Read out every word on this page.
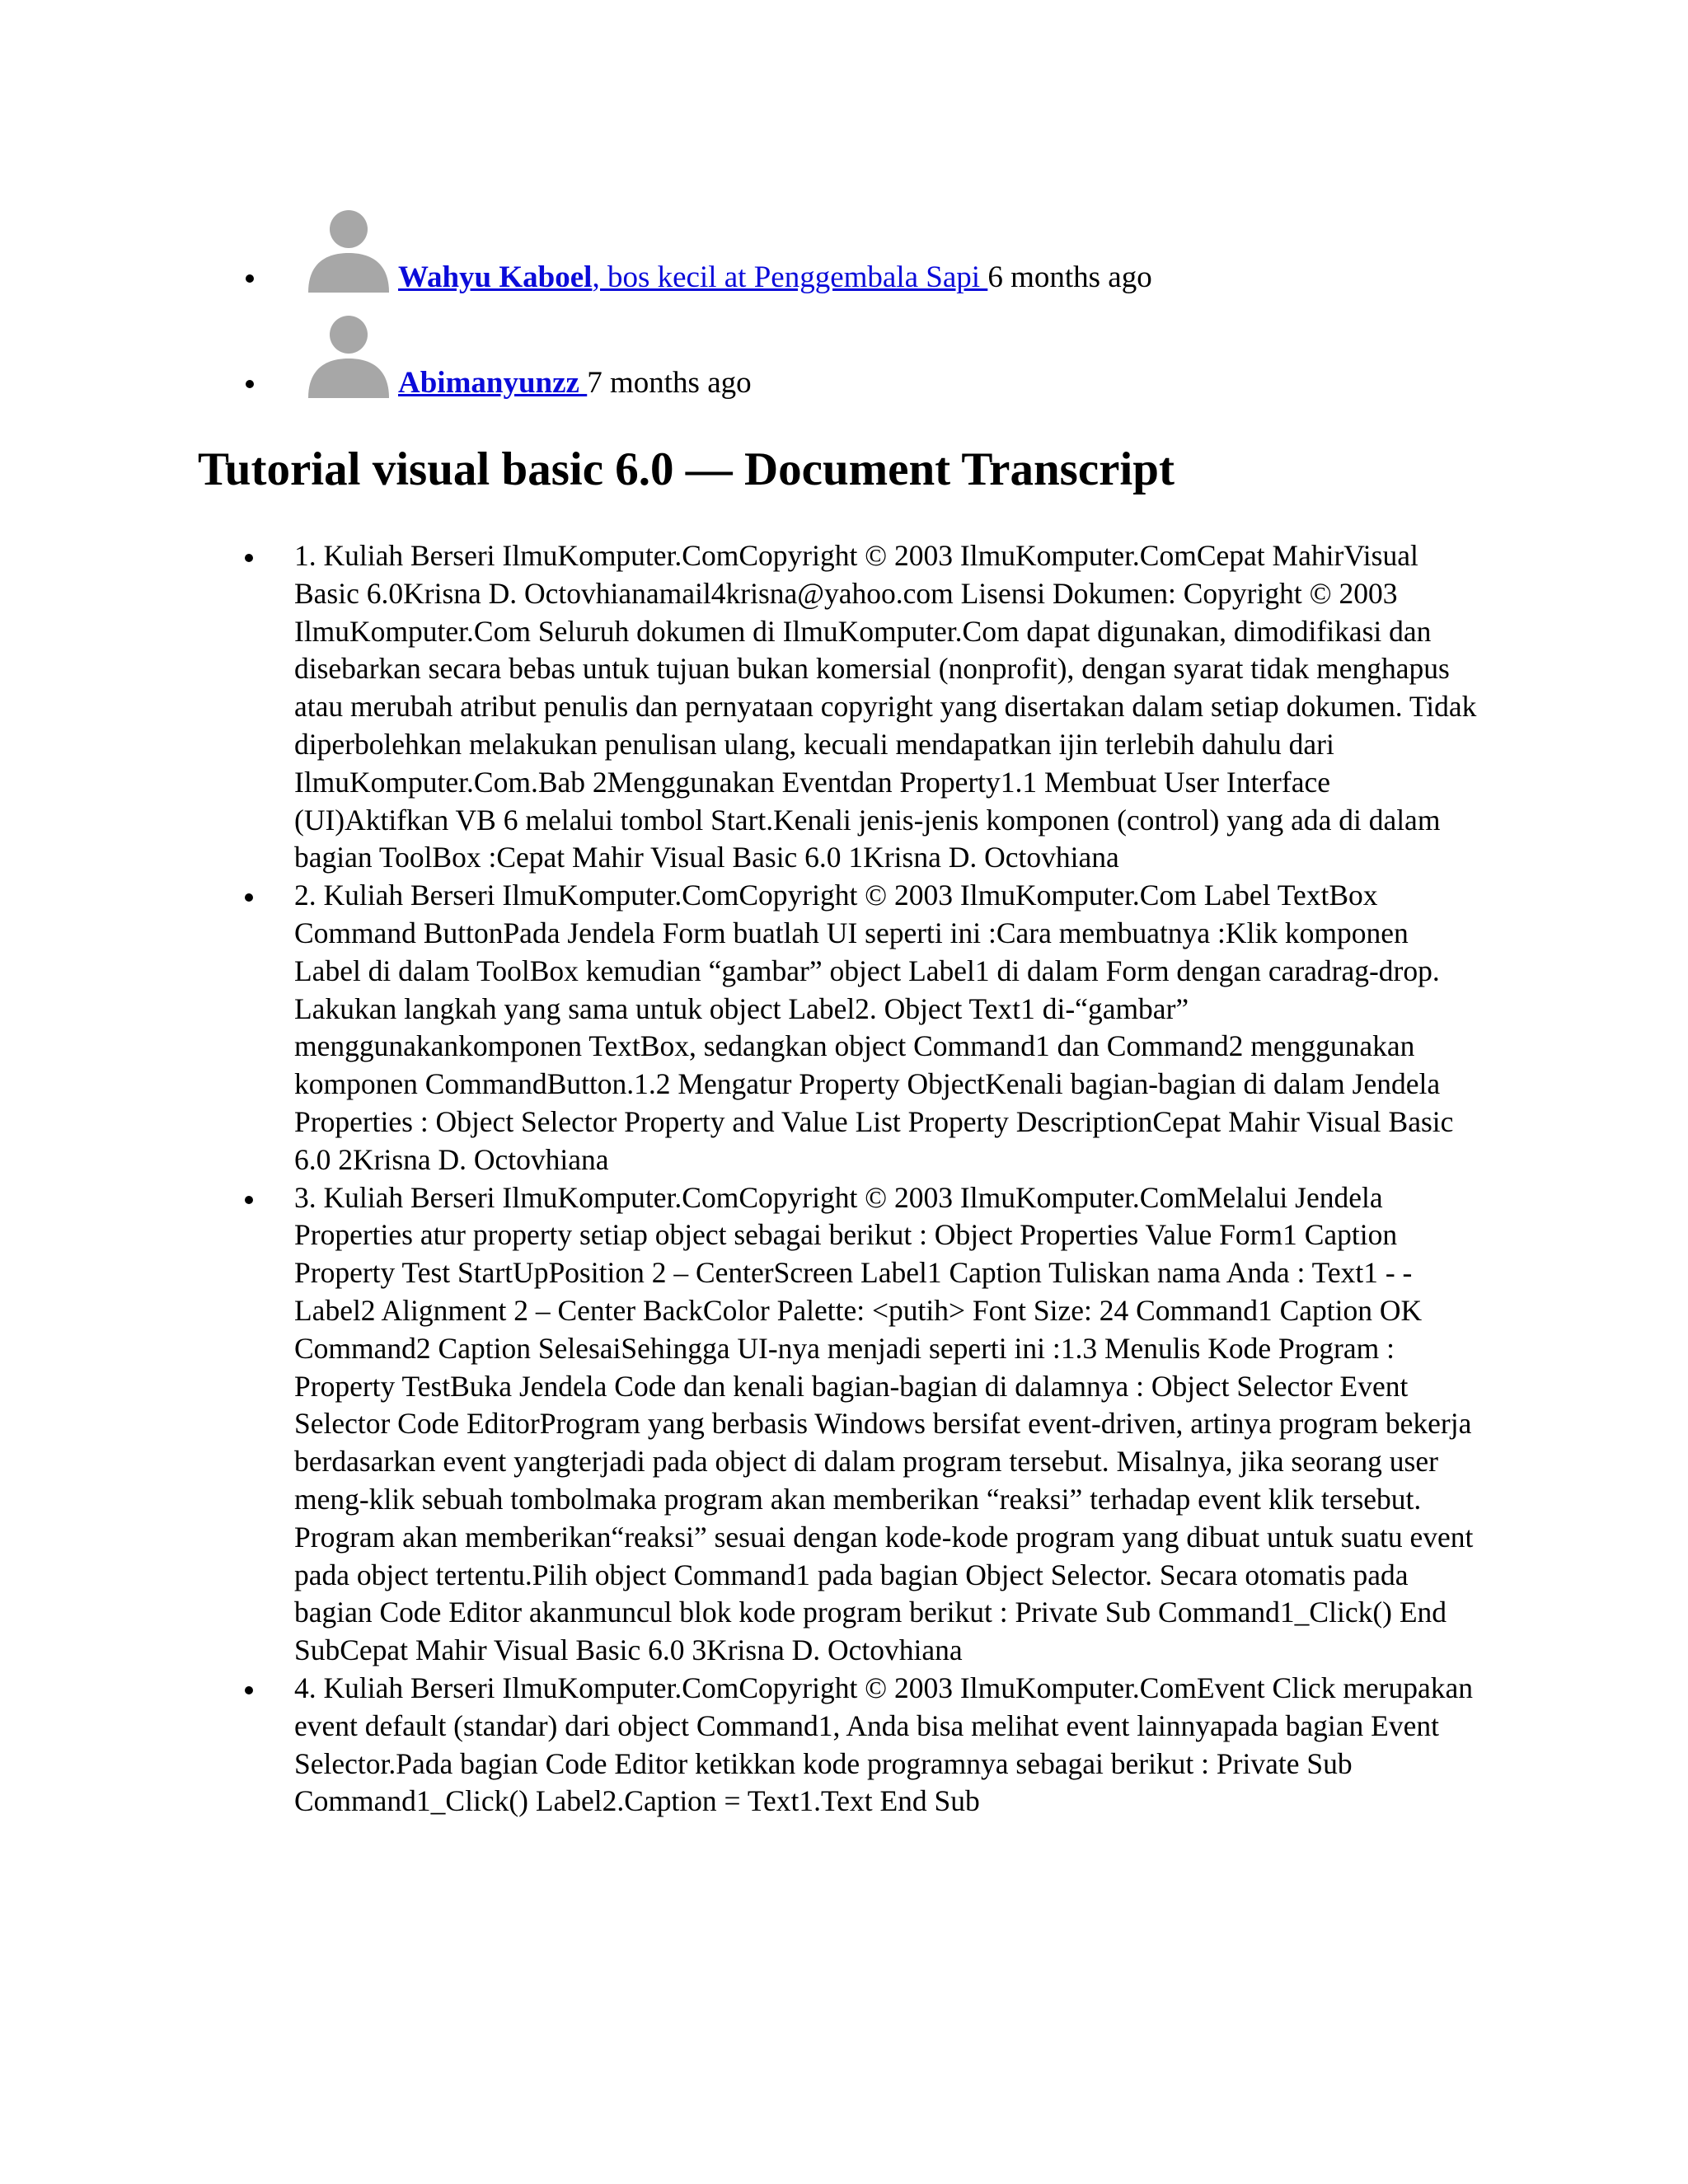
Wahyu Kaboel, bos kecil at Penggembala Sapi 6 months ago
Abimanyunzz 7 months ago
Tutorial visual basic 6.0 — Document Transcript
1. Kuliah Berseri IlmuKomputer.ComCopyright © 2003 IlmuKomputer.ComCepat MahirVisual Basic 6.0Krisna D. Octovhianamail4krisna@yahoo.com Lisensi Dokumen: Copyright © 2003 IlmuKomputer.Com Seluruh dokumen di IlmuKomputer.Com dapat digunakan, dimodifikasi dan disebarkan secara bebas untuk tujuan bukan komersial (nonprofit), dengan syarat tidak menghapus atau merubah atribut penulis dan pernyataan copyright yang disertakan dalam setiap dokumen. Tidak diperbolehkan melakukan penulisan ulang, kecuali mendapatkan ijin terlebih dahulu dari IlmuKomputer.Com.Bab 2Menggunakan Eventdan Property1.1 Membuat User Interface (UI)Aktifkan VB 6 melalui tombol Start.Kenali jenis-jenis komponen (control) yang ada di dalam bagian ToolBox :Cepat Mahir Visual Basic 6.0 1Krisna D. Octovhiana
2. Kuliah Berseri IlmuKomputer.ComCopyright © 2003 IlmuKomputer.Com Label TextBox Command ButtonPada Jendela Form buatlah UI seperti ini :Cara membuatnya :Klik komponen Label di dalam ToolBox kemudian “gambar” object Label1 di dalam Form dengan caradrag-drop. Lakukan langkah yang sama untuk object Label2. Object Text1 di-“gambar” menggunakankomponen TextBox, sedangkan object Command1 dan Command2 menggunakan komponen CommandButton.1.2 Mengatur Property ObjectKenali bagian-bagian di dalam Jendela Properties : Object Selector Property and Value List Property DescriptionCepat Mahir Visual Basic 6.0 2Krisna D. Octovhiana
3. Kuliah Berseri IlmuKomputer.ComCopyright © 2003 IlmuKomputer.ComMelalui Jendela Properties atur property setiap object sebagai berikut : Object Properties Value Form1 Caption Property Test StartUpPosition 2 – CenterScreen Label1 Caption Tuliskan nama Anda : Text1 - - Label2 Alignment 2 – Center BackColor Palette: <putih> Font Size: 24 Command1 Caption OK Command2 Caption SelesaiSehingga UI-nya menjadi seperti ini :1.3 Menulis Kode Program : Property TestBuka Jendela Code dan kenali bagian-bagian di dalamnya : Object Selector Event Selector Code EditorProgram yang berbasis Windows bersifat event-driven, artinya program bekerja berdasarkan event yangterjadi pada object di dalam program tersebut. Misalnya, jika seorang user meng-klik sebuah tombolmaka program akan memberikan “reaksi” terhadap event klik tersebut. Program akan memberikan“reaksi” sesuai dengan kode-kode program yang dibuat untuk suatu event pada object tertentu.Pilih object Command1 pada bagian Object Selector. Secara otomatis pada bagian Code Editor akanmuncul blok kode program berikut : Private Sub Command1_Click() End SubCepat Mahir Visual Basic 6.0 3Krisna D. Octovhiana
4. Kuliah Berseri IlmuKomputer.ComCopyright © 2003 IlmuKomputer.ComEvent Click merupakan event default (standar) dari object Command1, Anda bisa melihat event lainnyapada bagian Event Selector.Pada bagian Code Editor ketikkan kode programnya sebagai berikut : Private Sub Command1_Click() Label2.Caption = Text1.Text End Sub
